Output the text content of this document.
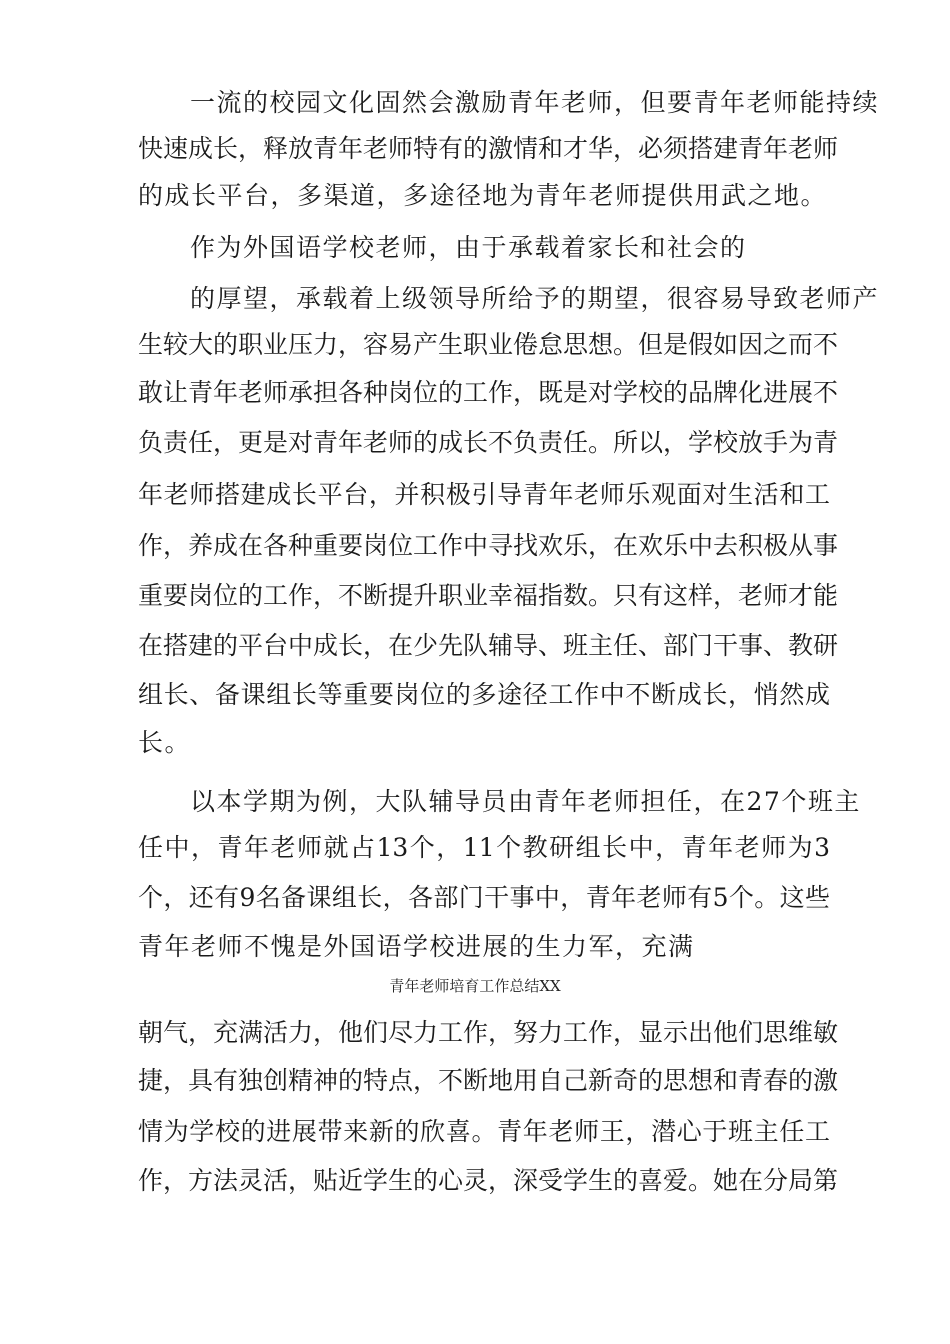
一流的校园文化固然会激励青年老师，但要青年老师能持续
快速成长，释放青年老师特有的激情和才华，必须搭建青年老师
的成长平台，多渠道，多途径地为青年老师提供用武之地。
作为外国语学校老师，由于承载着家长和社会的
的厚望，承载着上级领导所给予的期望，很容易导致老师产
生较大的职业压力，容易产生职业倦怠思想。但是假如因之而不
敢让青年老师承担各种岗位的工作，既是对学校的品牌化进展不
负责任，更是对青年老师的成长不负责任。所以，学校放手为青
年老师搭建成长平台，并积极引导青年老师乐观面对生活和工
作，养成在各种重要岗位工作中寻找欢乐，在欢乐中去积极从事
重要岗位的工作，不断提升职业幸福指数。只有这样，老师才能
在搭建的平台中成长，在少先队辅导、班主任、部门干事、教研
组长、备课组长等重要岗位的多途径工作中不断成长，悄然成
长。
以本学期为例，大队辅导员由青年老师担任，在27个班主
任中，青年老师就占13个，11个教研组长中，青年老师为3
个，还有9名备课组长，各部门干事中，青年老师有5个。这些
青年老师不愧是外国语学校进展的生力军，充满
青年老师培育工作总结XX
朝气，充满活力，他们尽力工作，努力工作，显示出他们思维敏
捷，具有独创精神的特点，不断地用自己新奇的思想和青春的激
情为学校的进展带来新的欣喜。青年老师王，潜心于班主任工
作，方法灵活，贴近学生的心灵，深受学生的喜爱。她在分局第
